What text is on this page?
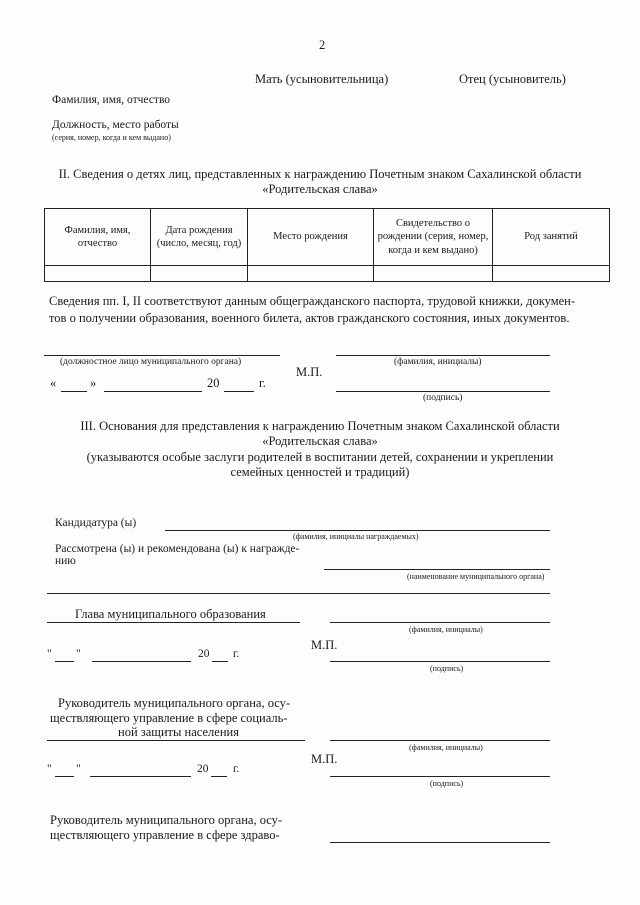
2
Мать (усыновительница)	Отец (усыновитель)
Фамилия, имя, отчество
Должность, место работы
(серия, номер, когда и кем выдано)
II. Сведения о детях лиц, представленных к награждению Почетным знаком Сахалинской области
«Родительская слава»
Фамилия, имя, отчество	Дата рождения (число, месяц, год)	Место рождения	Свидетельство о рождении (серия, номер, когда и кем выдано)	Род занятий

Сведения пп. I, II соответствуют данным общегражданского паспорта, трудовой книжки, докумен-
тов о получении образования, военного билета, актов гражданского состояния, иных документов.
(должностное лицо муниципального органа)	(фамилия, инициалы)
«	»	20	г.
М.П.
(подпись)
III. Основания для представления к награждению Почетным знаком Сахалинской области
«Родительская слава»
(указываются особые заслуги родителей в воспитании детей, сохранении и укреплении
семейных ценностей и традиций)
Кандидатура (ы)
(фамилия, инициалы награждаемых)
Рассмотрена (ы) и рекомендована (ы) к награжде-
нию
(наименование муниципального органа)
Глава муниципального образования
(фамилия, инициалы)
М.П.
" "	20 г.
(подпись)
Руководитель муниципального органа, осу-
ществляющего управление в сфере социаль-
ной защиты населения
(фамилия, инициалы)
М.П.
" "	20 г.
(подпись)
Руководитель муниципального органа, осу-
ществляющего управление в сфере здраво-
